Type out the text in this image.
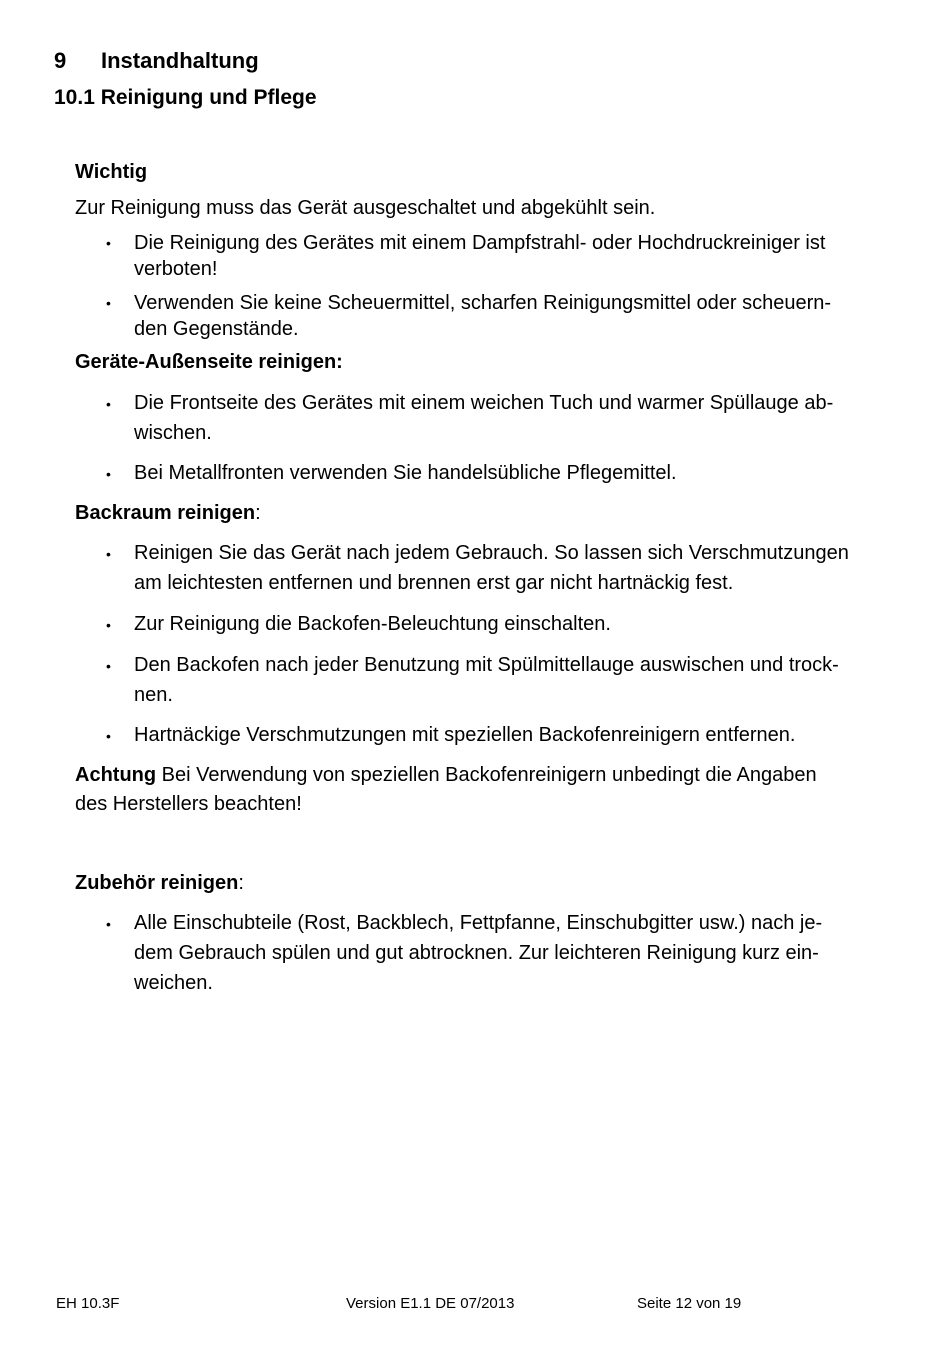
9 Instandhaltung
10.1 Reinigung und Pflege
Wichtig
Zur Reinigung muss das Gerät ausgeschaltet und abgekühlt sein.
• Die Reinigung des Gerätes mit einem Dampfstrahl- oder Hochdruckreiniger ist
verboten!
• Verwenden Sie keine Scheuermittel, scharfen Reinigungsmittel oder scheuern-
den Gegenstände.
Geräte-Außenseite reinigen:
• Die Frontseite des Gerätes mit einem weichen Tuch und warmer Spüllauge ab-
wischen.
• Bei Metallfronten verwenden Sie handelsübliche Pflegemittel.
Backraum reinigen:
• Reinigen Sie das Gerät nach jedem Gebrauch. So lassen sich Verschmutzungen
am leichtesten entfernen und brennen erst gar nicht hartnäckig fest.
• Zur Reinigung die Backofen-Beleuchtung einschalten.
• Den Backofen nach jeder Benutzung mit Spülmittellauge auswischen und trock-
nen.
• Hartnäckige Verschmutzungen mit speziellen Backofenreinigern entfernen.
Achtung Bei Verwendung von speziellen Backofenreinigern unbedingt die Angaben
des Herstellers beachten!
Zubehör reinigen:
• Alle Einschubteile (Rost, Backblech, Fettpfanne, Einschubgitter usw.) nach je-
dem Gebrauch spülen und gut abtrocknen. Zur leichteren Reinigung kurz ein-
weichen.
EH 10.3F	Version E1.1 DE 07/2013	Seite 12 von 19
